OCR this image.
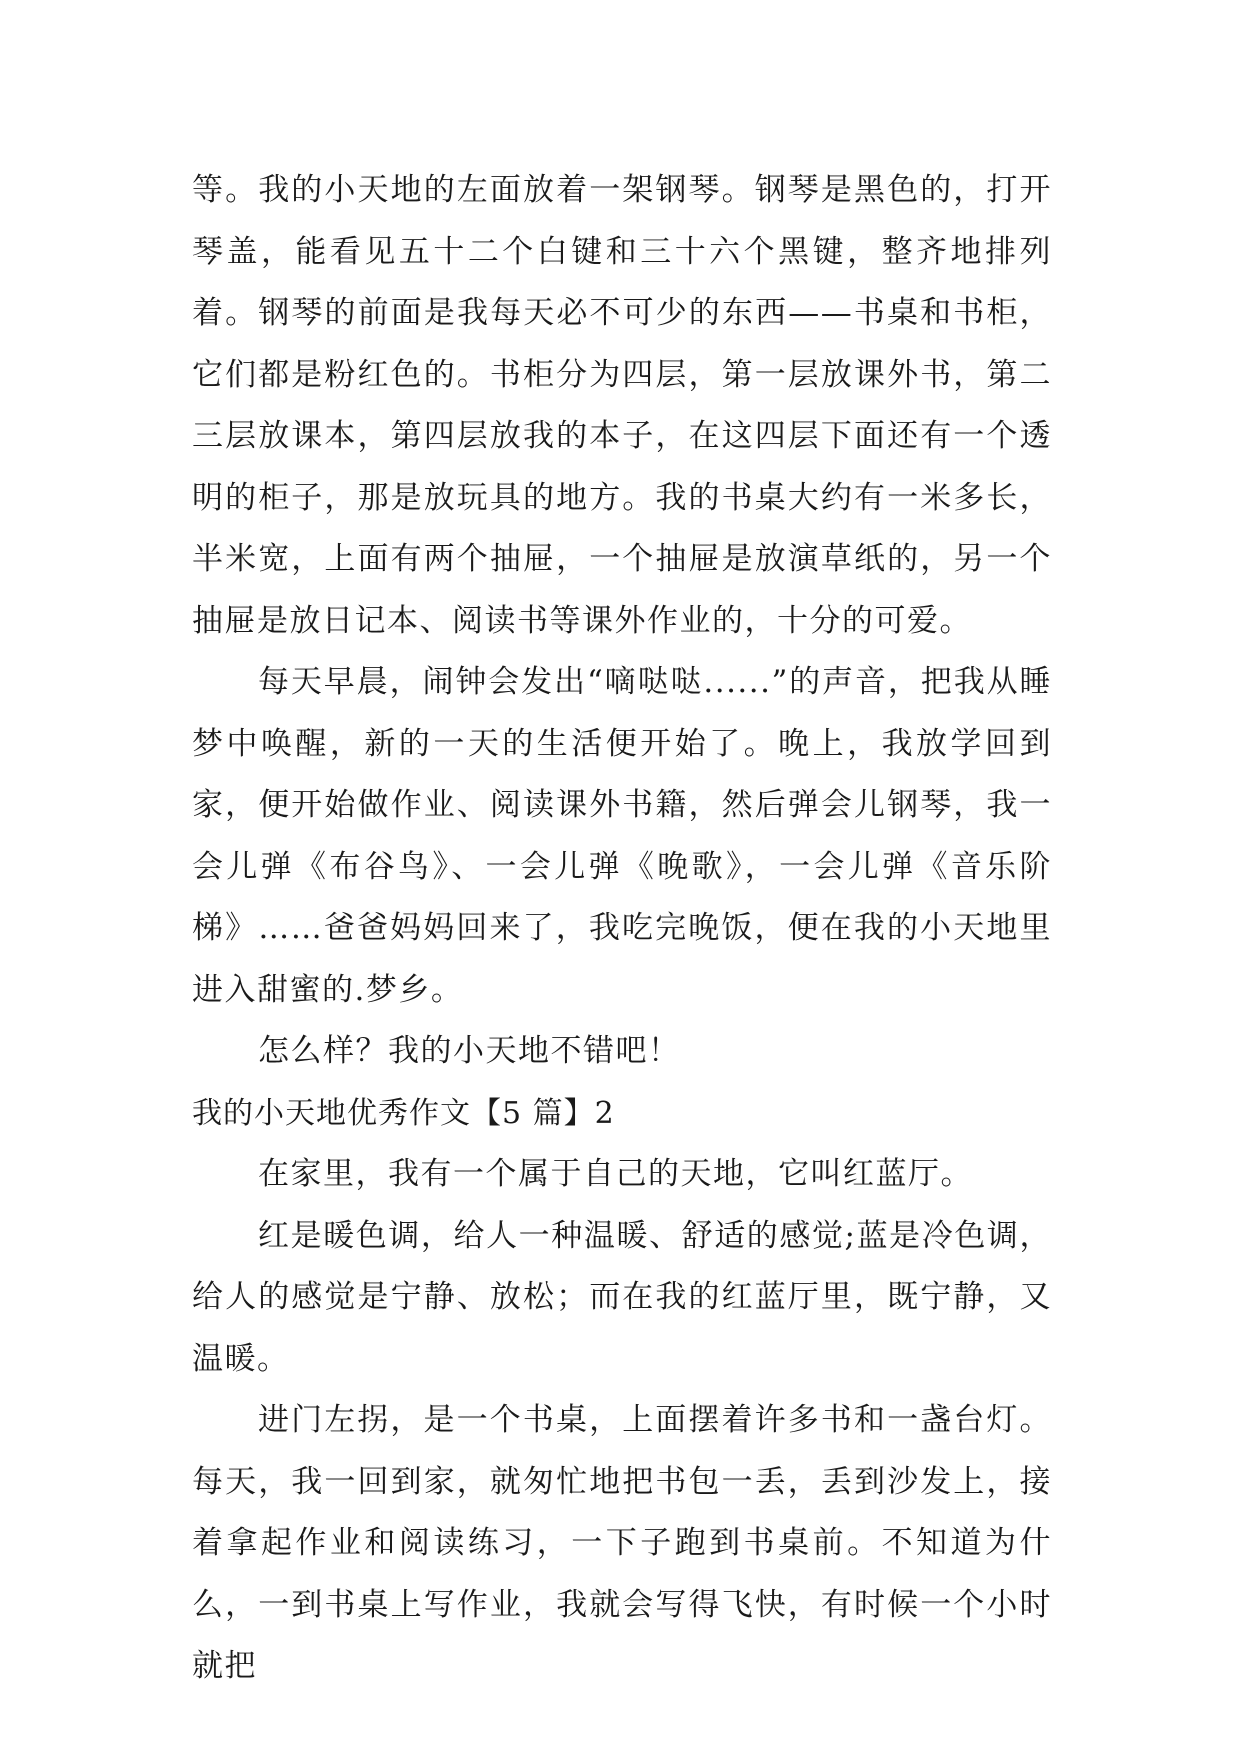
等。我的小天地的左面放着一架钢琴。钢琴是黑色的，打开琴盖，能看见五十二个白键和三十六个黑键，整齐地排列着。钢琴的前面是我每天必不可少的东西——书桌和书柜，它们都是粉红色的。书柜分为四层，第一层放课外书，第二三层放课本，第四层放我的本子，在这四层下面还有一个透明的柜子，那是放玩具的地方。我的书桌大约有一米多长，半米宽，上面有两个抽屉，一个抽屉是放演草纸的，另一个抽屉是放日记本、阅读书等课外作业的，十分的可爱。

每天早晨，闹钟会发出“嘀哒哒......”的声音，把我从睡梦中唤醒，新的一天的生活便开始了。晚上，我放学回到家，便开始做作业、阅读课外书籍，然后弹会儿钢琴，我一会儿弹《布谷鸟》、一会儿弹《晚歌》，一会儿弹《音乐阶梯》……爸爸妈妈回来了，我吃完晚饭，便在我的小天地里进入甜蜜的.梦乡。

怎么样？我的小天地不错吧！

我的小天地优秀作文【5 篇】2

在家里，我有一个属于自己的天地，它叫红蓝厅。

红是暖色调，给人一种温暖、舒适的感觉;蓝是冷色调，给人的感觉是宁静、放松；而在我的红蓝厅里，既宁静，又温暖。

进门左拐，是一个书桌，上面摆着许多书和一盏台灯。每天，我一回到家，就匆忙地把书包一丢，丢到沙发上，接着拿起作业和阅读练习，一下子跑到书桌前。不知道为什么，一到书桌上写作业，我就会写得飞快，有时候一个小时就把
